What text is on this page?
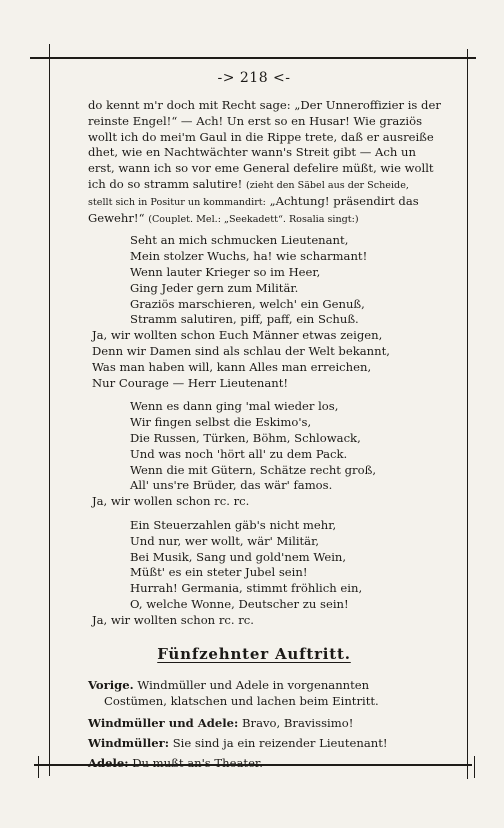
-> 218 <-
do kennt m'r doch mit Recht sage: „Der Unneroffizier is der
reinste Engel!“ — Ach! Un erst so en Husar! Wie graziös
wollt ich do mei'm Gaul in die Rippe trete, daß er ausreiße
dhet, wie en Nachtwächter wann's Streit gibt — Ach un
erst, wann ich so vor eme General defelire müßt, wie wollt
ich do so stramm salutire! (zieht den Säbel aus der Scheide,
stellt sich in Positur un kommandirt: „Achtung! präsendirt das
Gewehr!“ (Couplet. Mel.: „Seekadett“. Rosalia singt:)
Seht an mich schmucken Lieutenant,
Mein stolzer Wuchs, ha! wie scharmant!
Wenn lauter Krieger so im Heer,
Ging Jeder gern zum Militär.
Graziös marschieren, welch' ein Genuß,
Stramm salutiren, piff, paff, ein Schuß.
Ja, wir wollten schon Euch Männer etwas zeigen,
Denn wir Damen sind als schlau der Welt bekannt,
Was man haben will, kann Alles man erreichen,
Nur Courage — Herr Lieutenant!
Wenn es dann ging 'mal wieder los,
Wir fingen selbst die Eskimo's,
Die Russen, Türken, Böhm, Schlowack,
Und was noch 'hört all' zu dem Pack.
Wenn die mit Gütern, Schätze recht groß,
All' uns're Brüder, das wär' famos.
Ja, wir wollen schon rc. rc.
Ein Steuerzahlen gäb's nicht mehr,
Und nur, wer wollt, wär' Militär,
Bei Musik, Sang und gold'nem Wein,
Müßt' es ein steter Jubel sein!
Hurrah! Germania, stimmt fröhlich ein,
O, welche Wonne, Deutscher zu sein!
Ja, wir wollten schon rc. rc.
Fünfzehnter Auftritt.
Vorige. Windmüller und Adele in vorgenannten
Costümen, klatschen und lachen beim Eintritt.
Windmüller und Adele: Bravo, Bravissimo!
Windmüller: Sie sind ja ein reizender Lieutenant!
Adele: Du mußt an's Theater.
